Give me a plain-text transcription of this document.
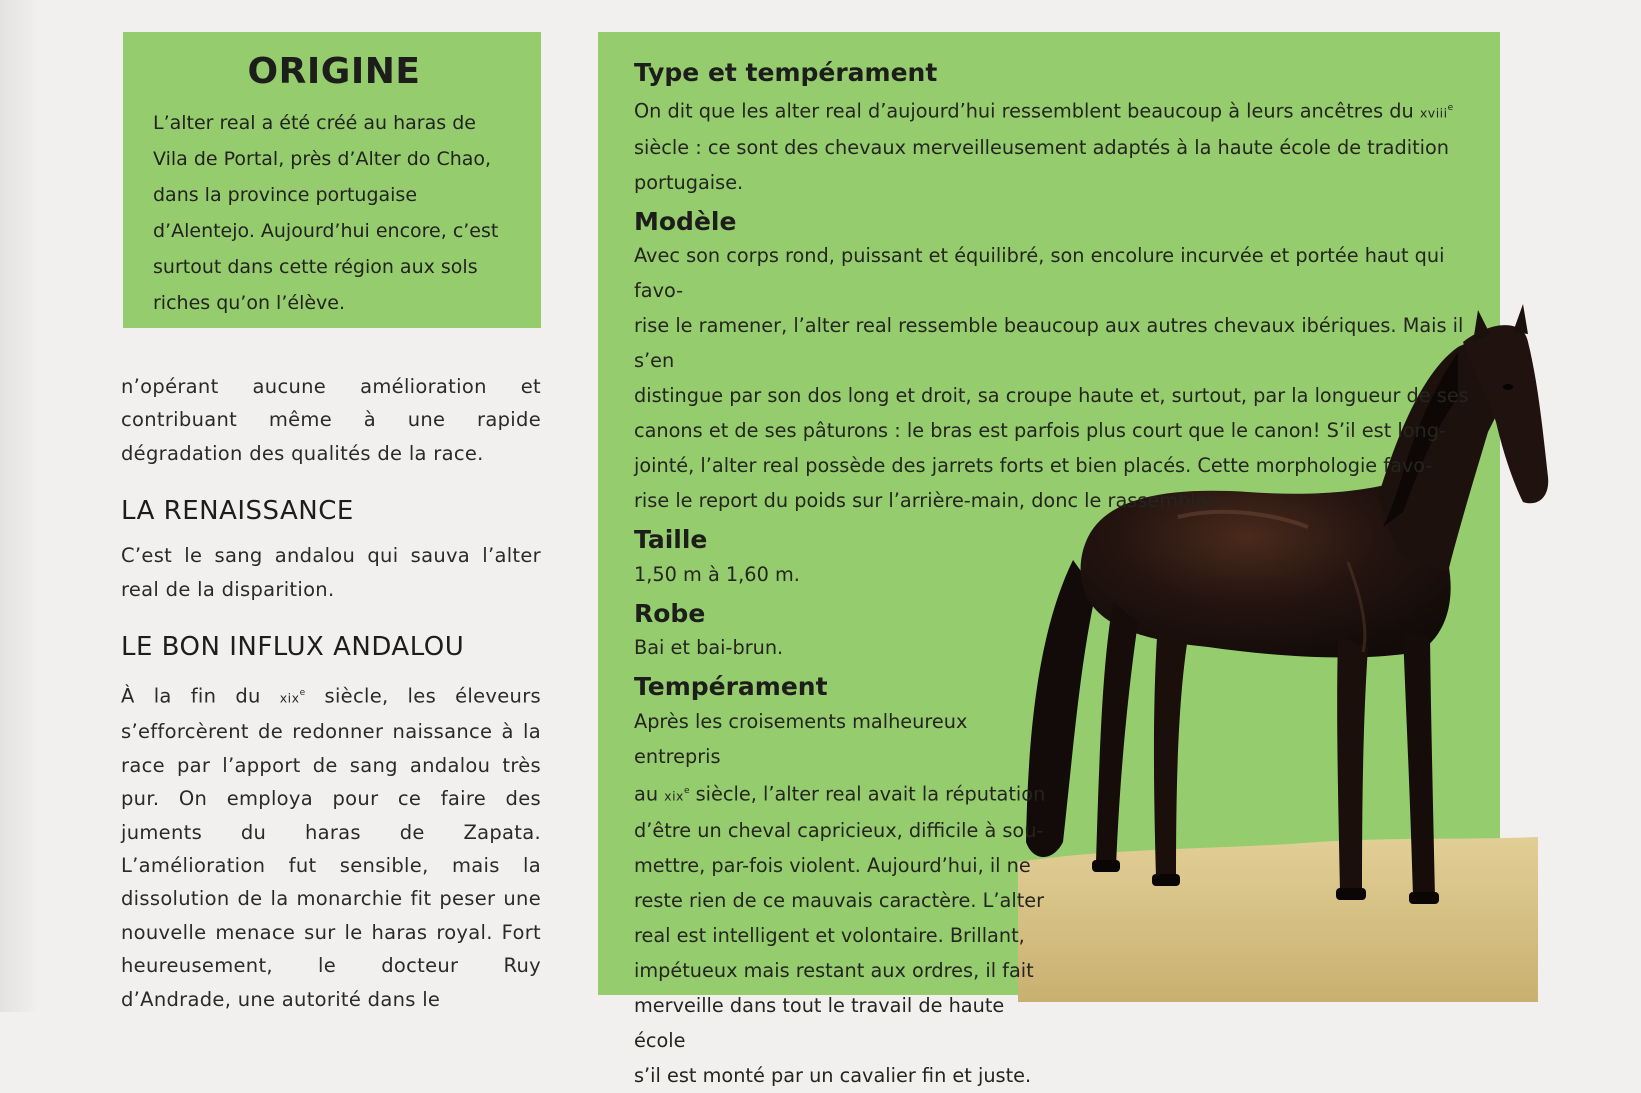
ORIGINE

L’alter real a été créé au haras de Vila de Portal, près d’Alter do Chao, dans la province portugaise d’Alentejo. Aujourd’hui encore, c’est surtout dans cette région aux sols riches qu’on l’élève.

n’opérant aucune amélioration et contribuant même à une rapide dégradation des qualités de la race.

LA RENAISSANCE

C’est le sang andalou qui sauva l’alter real de la disparition.

LE BON INFLUX ANDALOU

À la fin du xix$^e$ siècle, les éleveurs s’efforcèrent de redonner naissance à la race par l’apport de sang andalou très pur. On employa pour ce faire des juments du haras de Zapata. L’amélioration fut sensible, mais la dissolution de la monarchie fit peser une nouvelle menace sur le haras royal. Fort heureusement, le docteur Ruy d’Andrade, une autorité dans le

Type et tempérament

On dit que les alter real d’aujourd’hui ressemblent beaucoup à leurs ancêtres du xviii$^e$ siècle : ce sont des chevaux merveilleusement adaptés à la haute école de tradition portugaise.

Modèle

Avec son corps rond, puissant et équilibré, son encolure incurvée et portée haut qui favo-
rise le ramener, l’alter real ressemble beaucoup aux autres chevaux ibériques. Mais il s’en
distingue par son dos long et droit, sa croupe haute et, surtout, par la longueur de ses
canons et de ses pâturons : le bras est parfois plus court que le canon! S’il est long-
jointé, l’alter real possède des jarrets forts et bien placés. Cette morphologie favo-
rise le report du poids sur l’arrière-main, donc le rassembler.

Taille

1,50 m à 1,60 m.

Robe

Bai et bai-brun.

Tempérament

Après les croisements malheureux entrepris
au xix$^e$ siècle, l’alter real avait la réputation
d’être un cheval capricieux, difficile à sou-
mettre, par-fois violent. Aujourd’hui, il ne
reste rien de ce mauvais caractère. L’alter
real est intelligent et volontaire. Brillant,
impétueux mais restant aux ordres, il fait
merveille dans tout le travail de haute école
s’il est monté par un cavalier fin et juste.
